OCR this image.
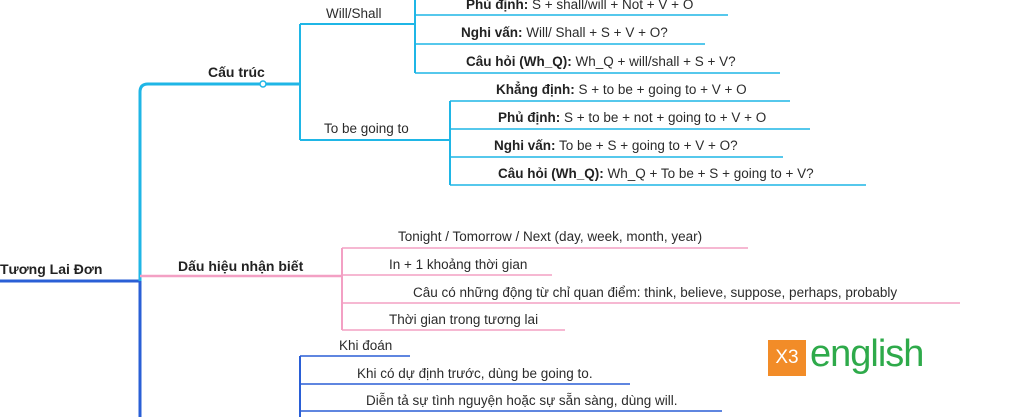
Tương Lai Đơn
Cấu trúc
Will/Shall
To be going to
Phủ định: S + shall/will + Not + V + O
Nghi vấn: Will/ Shall + S + V + O?
Câu hỏi (Wh_Q): Wh_Q + will/shall + S + V?
Khẳng định: S + to be + going to + V + O
Phủ định: S + to be + not + going to + V + O
Nghi vấn: To be + S + going to + V + O?
Câu hỏi (Wh_Q): Wh_Q + To be + S + going to + V?
Dấu hiệu nhận biết
Tonight / Tomorrow / Next (day, week, month, year)
In + 1 khoảng thời gian
Câu có những động từ chỉ quan điểm: think, believe, suppose, perhaps, probably
Thời gian trong tương lai
Khi đoán
Khi có dự định trước, dùng be going to.
Diễn tả sự tình nguyện hoặc sự sẵn sàng, dùng will.
X3 english
